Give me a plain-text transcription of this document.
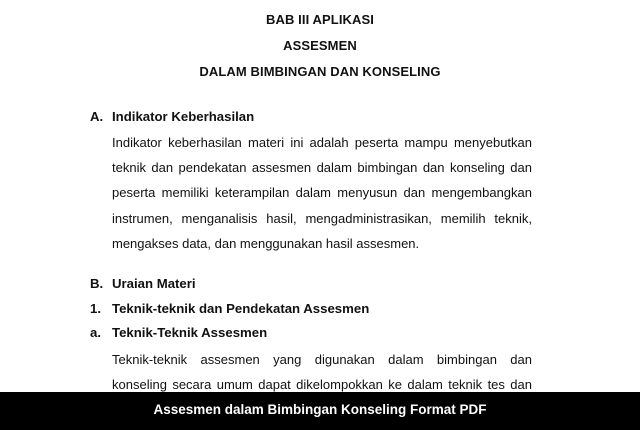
BAB III APLIKASI
ASSESMEN
DALAM BIMBINGAN DAN KONSELING
A. Indikator Keberhasilan
Indikator keberhasilan materi ini adalah peserta mampu menyebutkan
teknik dan pendekatan assesmen dalam bimbingan dan konseling dan
peserta memiliki keterampilan dalam menyusun dan mengembangkan
instrumen, menganalisis hasil, mengadministrasikan, memilih teknik,
mengakses data, dan menggunakan hasil assesmen.
B. Uraian Materi
1. Teknik-teknik dan Pendekatan Assesmen
a. Teknik-Teknik Assesmen
Teknik-teknik assesmen yang digunakan dalam bimbingan dan
konseling secara umum dapat dikelompokkan ke dalam teknik tes dan
Assesmen dalam Bimbingan Konseling Format PDF
